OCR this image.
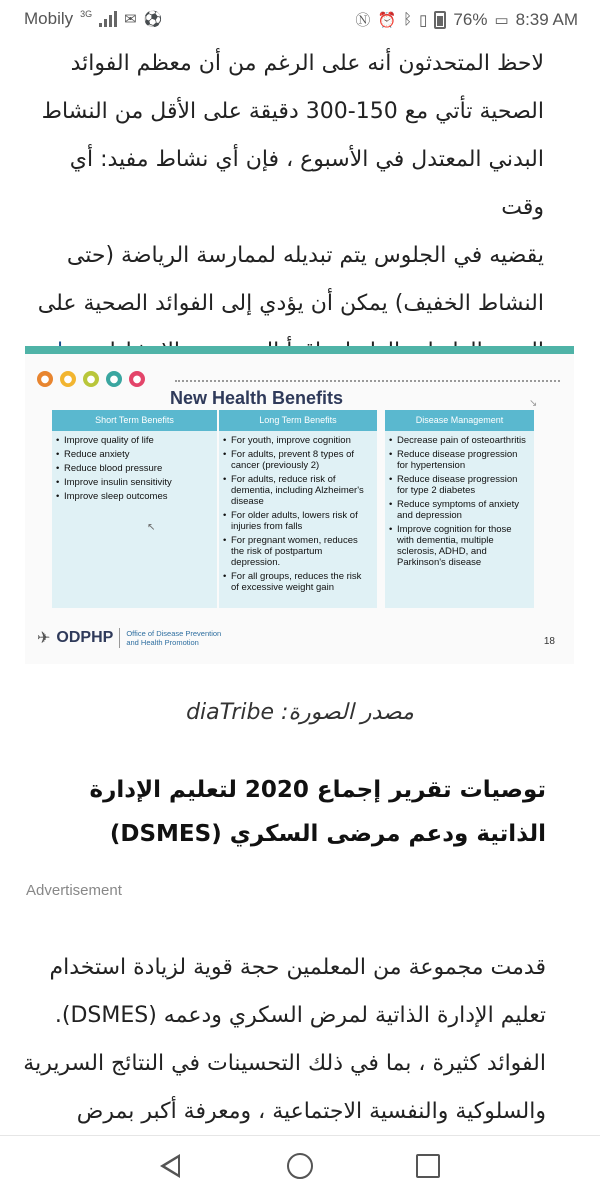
Mobily 3G ✉ ⚽	Ⓝ ⏰ ᛒ ▯ 76% ▭ 8:39 AM

لاحظ المتحدثون أنه على الرغم من أن معظم الفوائد
الصحية تأتي مع 150-300 دقيقة على الأقل من النشاط
البدني المعتدل في الأسبوع ، فإن أي نشاط مفيد: أي وقت
يقضيه في الجلوس يتم تبديله لممارسة الرياضة (حتى
النشاط الخفيف) يمكن أن يؤدي إلى الفوائد الصحية على

●	●	●	●	●
New Health Benefits
Short Term Benefits
• Improve quality of life
• Reduce anxiety
• Reduce blood pressure
• Improve insulin sensitivity
• Improve sleep outcomes
Long Term Benefits
• For youth, improve cognition
• For adults, prevent 8 types of cancer (previously 2)
• For adults, reduce risk of dementia, including Alzheimer's disease
• For older adults, lowers risk of injuries from falls
• For pregnant women, reduces the risk of postpartum depression.
• For all groups, reduces the risk of excessive weight gain
Disease Management
• Decrease pain of osteoarthritis
• Reduce disease progression for hypertension
• Reduce disease progression for type 2 diabetes
• Reduce symptoms of anxiety and depression
• Improve cognition for those with dementia, multiple sclerosis, ADHD, and Parkinson's disease
↖
↘
✈ ODPHP Office of Disease Prevention
and Health Promotion	18
مصدر الصورة: diaTribe
توصيات تقرير إجماع 2020 لتعليم الإدارة الذاتية ودعم مرضى السكري (DSMES)
Advertisement

قدمت مجموعة من المعلمين حجة قوية لزيادة استخدام
تعليم الإدارة الذاتية لمرض السكري ودعمه (DSMES).
الفوائد كثيرة ، بما في ذلك التحسينات في النتائج السريرية
والسلوكية والنفسية الاجتماعية ، ومعرفة أكبر بمرض
